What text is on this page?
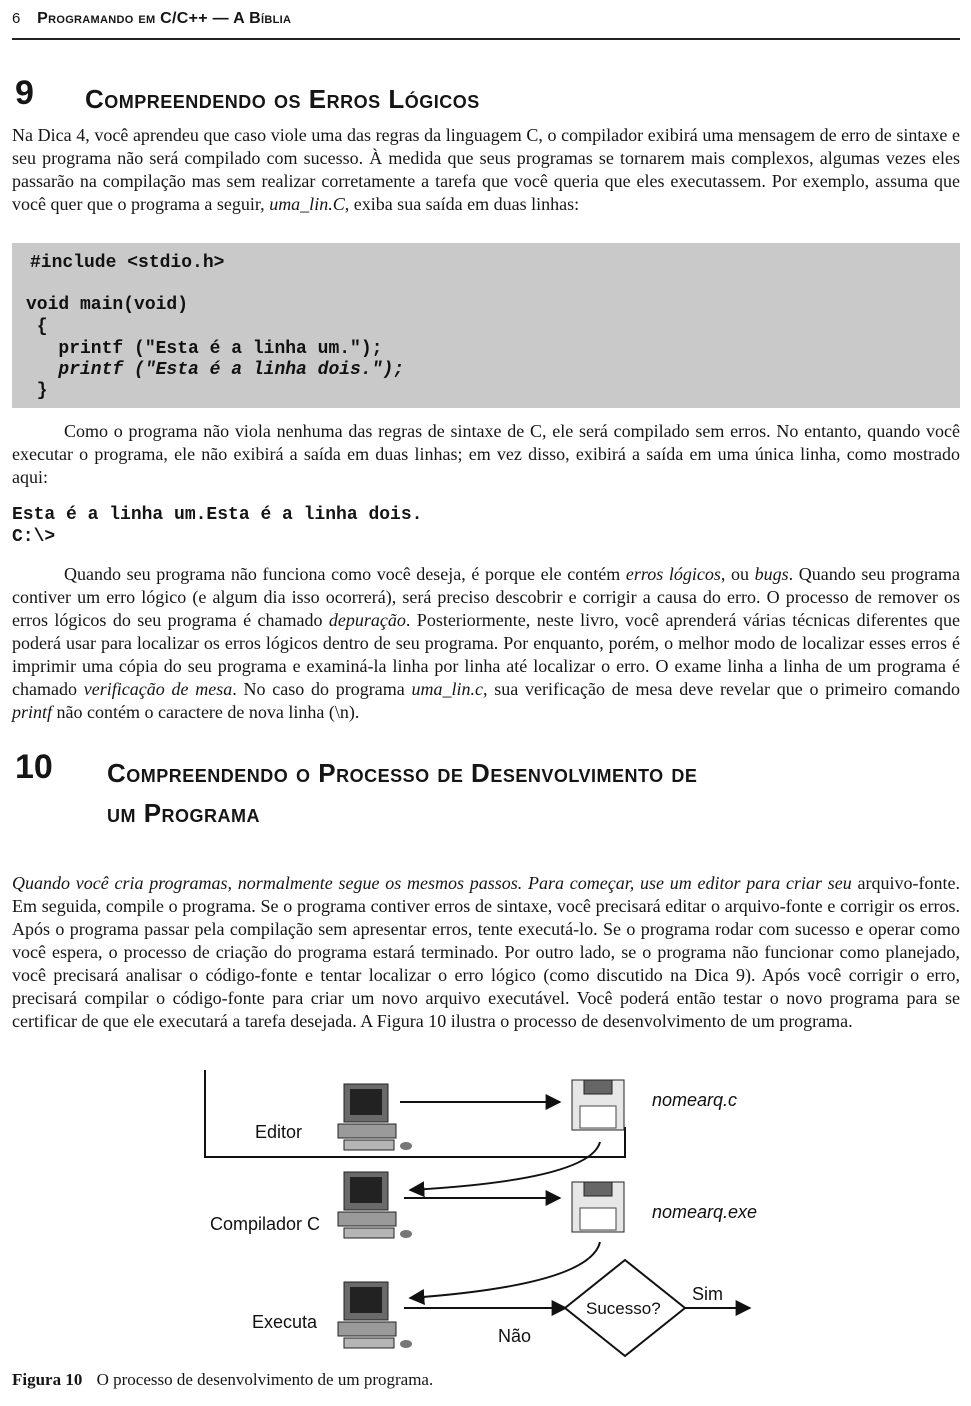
6 Programando em C/C++ — A Bíblia
9 Compreendendo os Erros Lógicos

Na Dica 4, você aprendeu que caso viole uma das regras da linguagem C, o compilador exibirá uma mensagem de erro de sintaxe e seu programa não será compilado com sucesso. À medida que seus programas se tornarem mais complexos, algumas vezes eles passarão na compilação mas sem realizar corretamente a tarefa que você queria que eles executassem. Por exemplo, assuma que você quer que o programa a seguir, uma_lin.C, exiba sua saída em duas linhas:

#include <stdio.h>
void main(void)
{
printf ("Esta é a linha um.");
printf ("Esta é a linha dois.");
}

Como o programa não viola nenhuma das regras de sintaxe de C, ele será compilado sem erros. No entanto, quando você executar o programa, ele não exibirá a saída em duas linhas; em vez disso, exibirá a saída em uma única linha, como mostrado aqui:

Esta é a linha um.Esta é a linha dois.
C:\>

Quando seu programa não funciona como você deseja, é porque ele contém erros lógicos, ou bugs. Quando seu programa contiver um erro lógico (e algum dia isso ocorrerá), será preciso descobrir e corrigir a causa do erro. O processo de remover os erros lógicos do seu programa é chamado depuração. Posteriormente, neste livro, você aprenderá várias técnicas diferentes que poderá usar para localizar os erros lógicos dentro de seu programa. Por enquanto, porém, o melhor modo de localizar esses erros é imprimir uma cópia do seu programa e examiná-la linha por linha até localizar o erro. O exame linha a linha de um programa é chamado verificação de mesa. No caso do programa uma_lin.c, sua verificação de mesa deve revelar que o primeiro comando printf não contém o caractere de nova linha (\n).

10 Compreendendo o Processo de Desenvolvimento de
um Programa

Quando você cria programas, normalmente segue os mesmos passos. Para começar, use um editor para criar seu arquivo-fonte. Em seguida, compile o programa. Se o programa contiver erros de sintaxe, você precisará editar o arquivo-fonte e corrigir os erros. Após o programa passar pela compilação sem apresentar erros, tente executá-lo. Se o programa rodar com sucesso e operar como você espera, o processo de criação do programa estará terminado. Por outro lado, se o programa não funcionar como planejado, você precisará analisar o código-fonte e tentar localizar o erro lógico (como discutido na Dica 9). Após você corrigir o erro, precisará compilar o código-fonte para criar um novo arquivo executável. Você poderá então testar o novo programa para se certificar de que ele executará a tarefa desejada. A Figura 10 ilustra o processo de desenvolvimento de um programa.

Editor
nomearq.c
Compilador C
nomearq.exe
Executa
Sucesso?
Sim
Não
Figura 10 O processo de desenvolvimento de um programa.
